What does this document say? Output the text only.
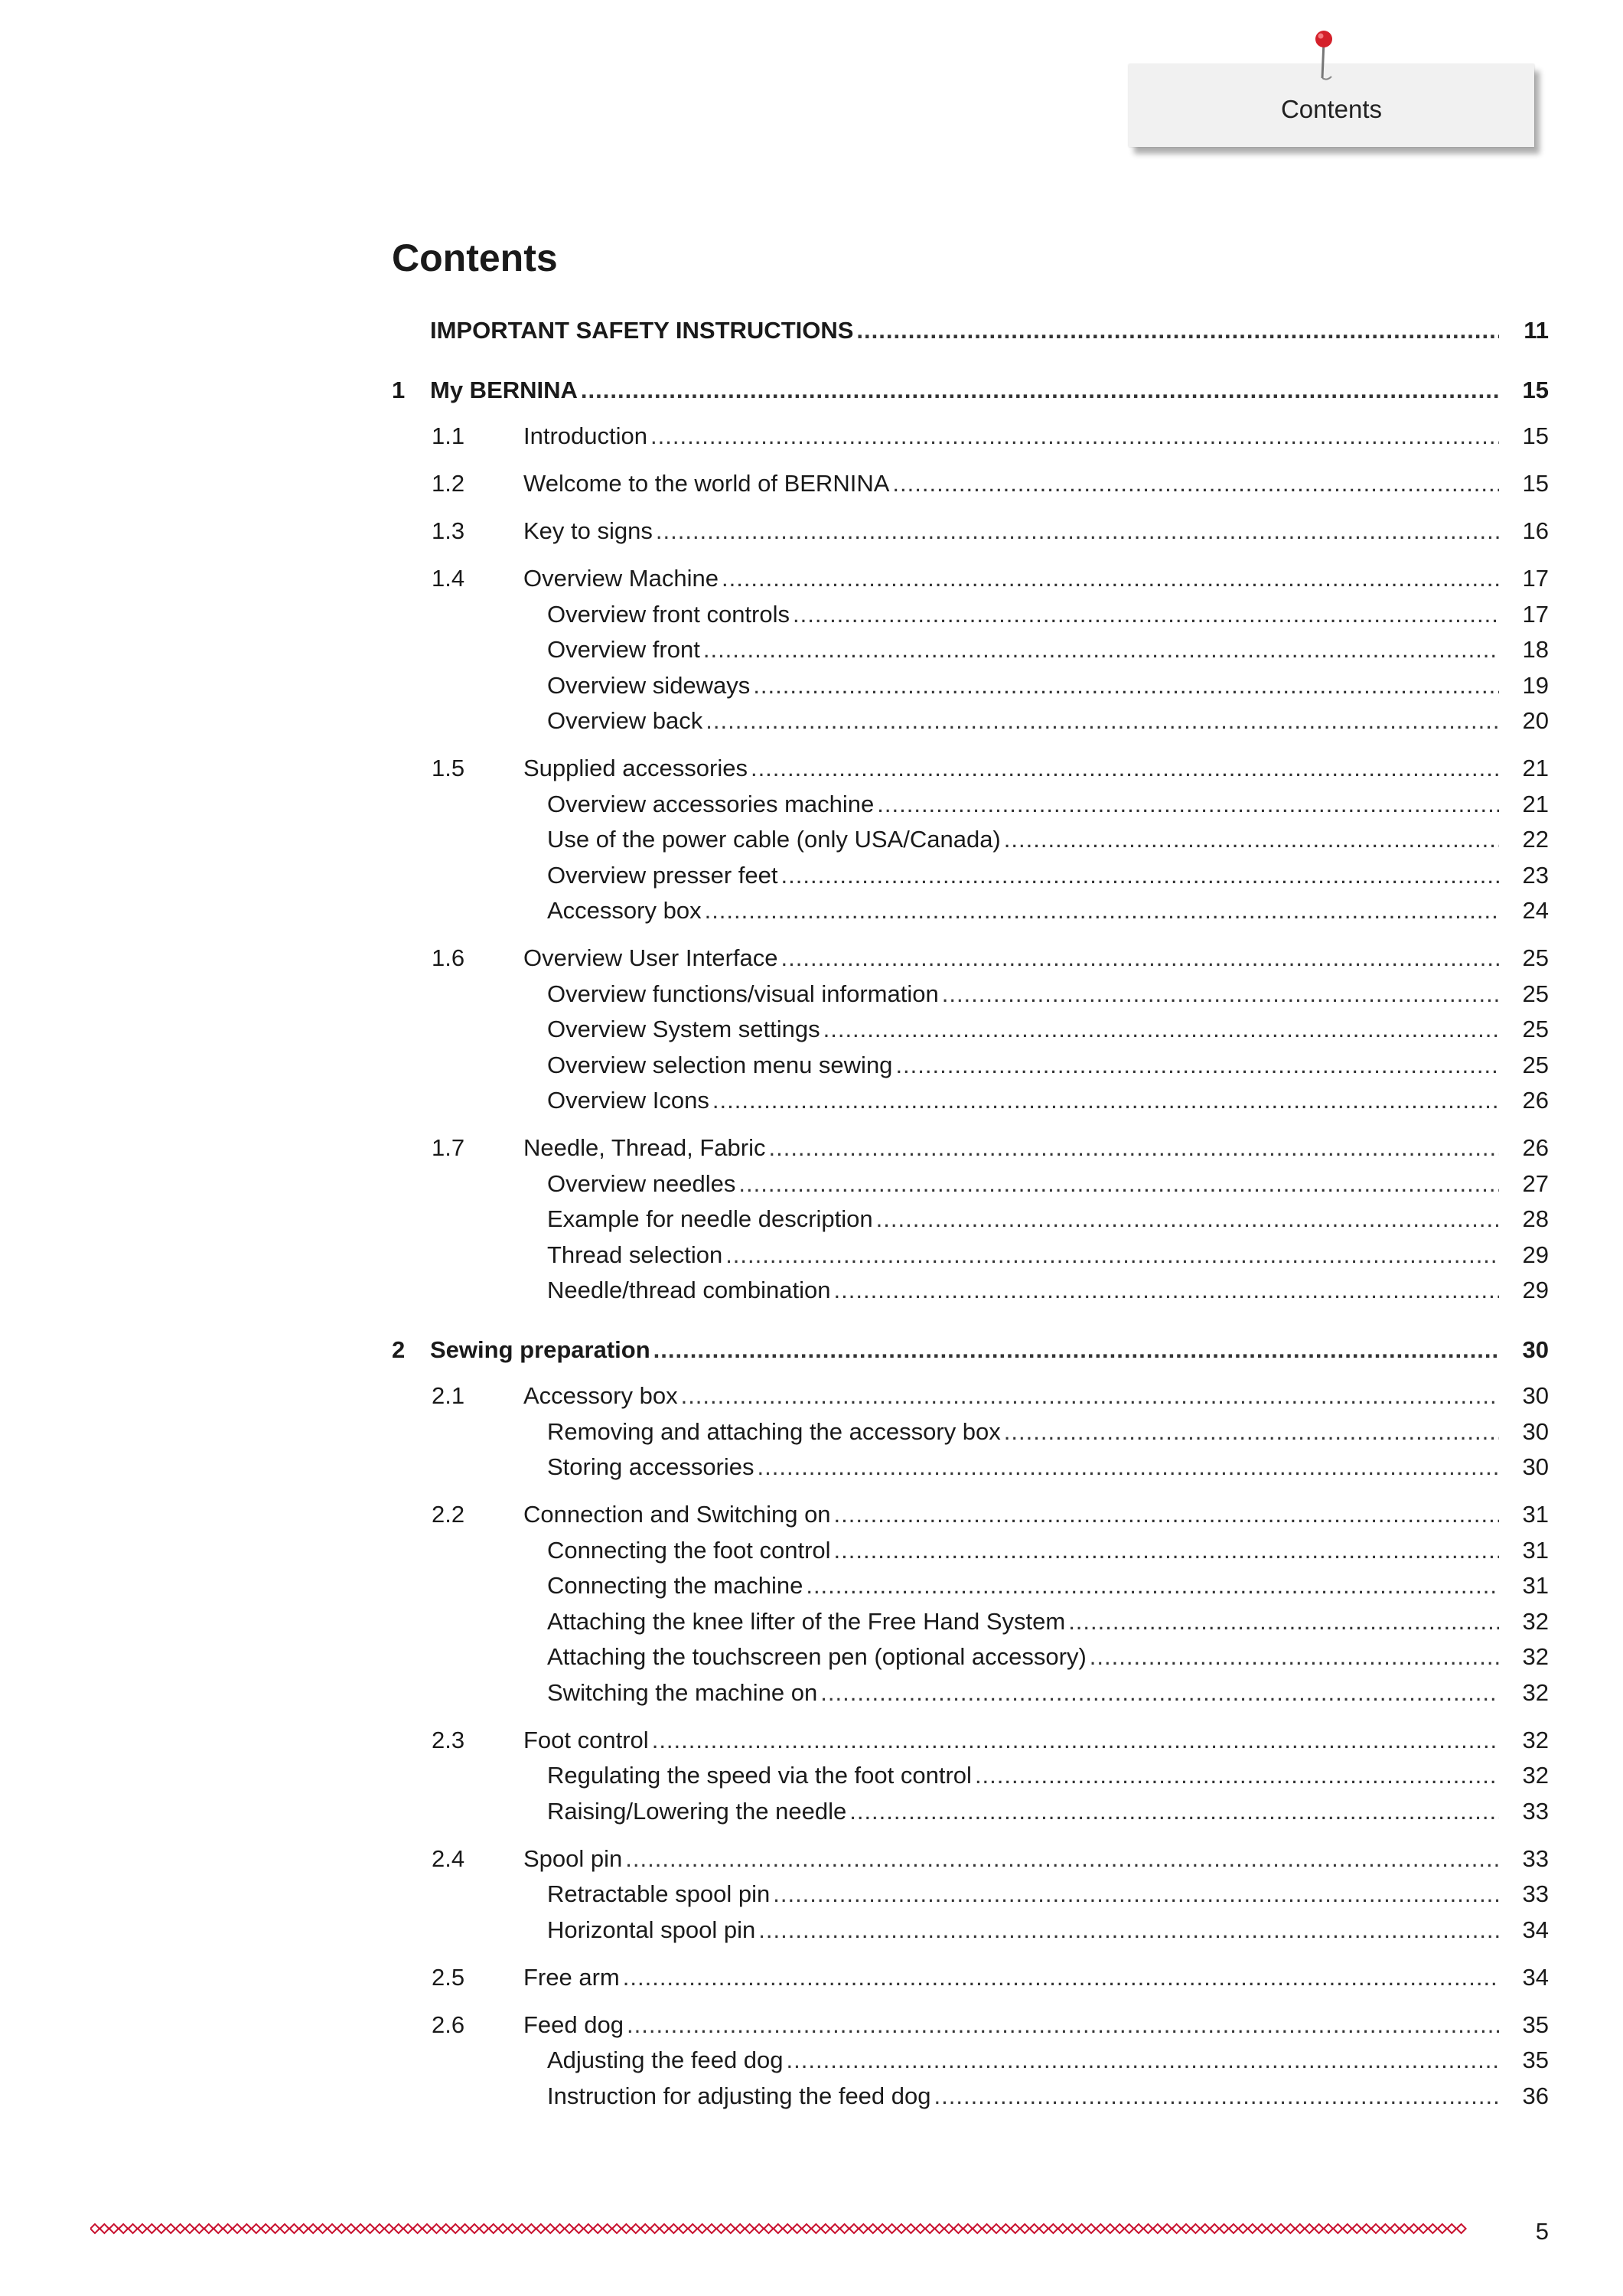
Contents
Contents
IMPORTANT SAFETY INSTRUCTIONS .....	11
1 My BERNINA .....	15
1.1 Introduction .....	15
1.2 Welcome to the world of BERNINA .....	15
1.3 Key to signs .....	16
1.4 Overview Machine .....	17
Overview front controls .....	17
Overview front .....	18
Overview sideways .....	19
Overview back .....	20
1.5 Supplied accessories .....	21
Overview accessories machine .....	21
Use of the power cable (only USA/Canada) .....	22
Overview presser feet .....	23
Accessory box .....	24
1.6 Overview User Interface .....	25
Overview functions/visual information .....	25
Overview System settings .....	25
Overview selection menu sewing .....	25
Overview Icons .....	26
1.7 Needle, Thread, Fabric .....	26
Overview needles .....	27
Example for needle description .....	28
Thread selection .....	29
Needle/thread combination .....	29
2 Sewing preparation .....	30
2.1 Accessory box .....	30
Removing and attaching the accessory box .....	30
Storing accessories .....	30
2.2 Connection and Switching on .....	31
Connecting the foot control .....	31
Connecting the machine .....	31
Attaching the knee lifter of the Free Hand System .....	32
Attaching the touchscreen pen (optional accessory) .....	32
Switching the machine on .....	32
2.3 Foot control .....	32
Regulating the speed via the foot control .....	32
Raising/Lowering the needle .....	33
2.4 Spool pin .....	33
Retractable spool pin .....	33
Horizontal spool pin .....	34
2.5 Free arm .....	34
2.6 Feed dog .....	35
Adjusting the feed dog .....	35
Instruction for adjusting the feed dog .....	36
5
